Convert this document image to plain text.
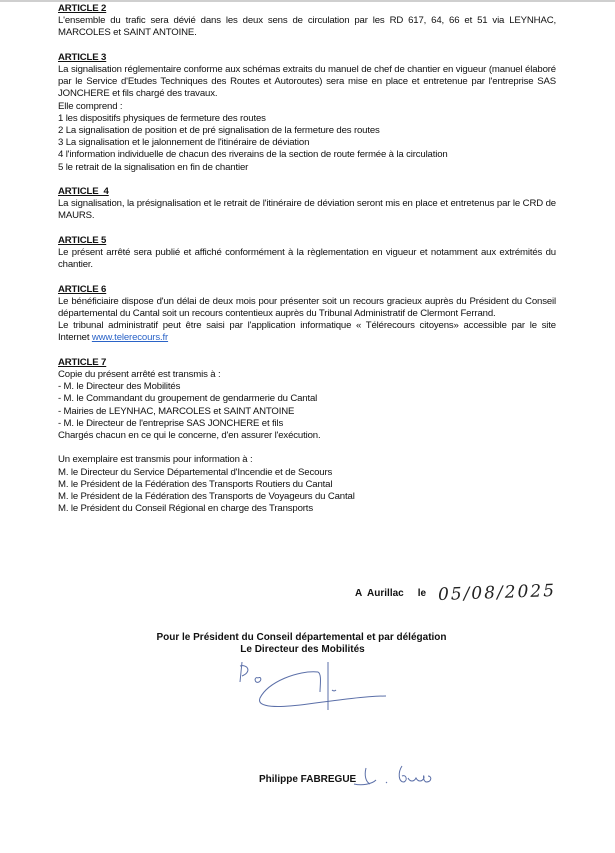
ARTICLE 2
L'ensemble du trafic sera dévié dans les deux sens de circulation par les RD 617, 64, 66 et 51 via LEYNHAC, MARCOLES et SAINT ANTOINE.
ARTICLE 3
La signalisation réglementaire conforme aux schémas extraits du manuel de chef de chantier en vigueur (manuel élaboré par le Service d'Etudes Techniques des Routes et Autoroutes) sera mise en place et entretenue par l'entreprise SAS JONCHERE et fils chargé des travaux.
Elle comprend :
1 les dispositifs physiques de fermeture des routes
2 La signalisation de position et de pré signalisation de la fermeture des routes
3 La signalisation et le jalonnement de l'itinéraire de déviation
4 l'information individuelle de chacun des riverains de la section de route fermée à la circulation
5 le retrait de la signalisation en fin de chantier
ARTICLE  4
La signalisation, la présignalisation et le retrait de l'itinéraire de déviation seront mis en place et entretenus par le CRD de MAURS.
ARTICLE 5
Le présent arrêté sera publié et affiché conformément à la règlementation en vigueur et notamment aux extrémités du chantier.
ARTICLE 6
Le bénéficiaire dispose d'un délai de deux mois pour présenter soit un recours gracieux auprès du Président du Conseil départemental du Cantal soit un recours contentieux auprès du Tribunal Administratif de Clermont Ferrand.
Le tribunal administratif peut être saisi par l'application informatique « Télérecours citoyens» accessible par le site
Internet www.telerecours.fr
ARTICLE 7
Copie du présent arrêté est transmis à :
- M. le Directeur des Mobilités
- M. le Commandant du groupement de gendarmerie du Cantal
- Mairies de LEYNHAC, MARCOLES et SAINT ANTOINE
- M. le Directeur de l'entreprise SAS JONCHERE et fils
Chargés chacun en ce qui le concerne, d'en assurer l'exécution.
Un exemplaire est transmis pour information à :
M. le Directeur du Service Départemental d'Incendie et de Secours
M. le Président de la Fédération des Transports Routiers du Cantal
M. le Président de la Fédération des Transports de Voyageurs du Cantal
M. le Président du Conseil Régional en charge des Transports
A  Aurillac le 05/08/2025
Pour le Président du Conseil départemental et par délégation
Le Directeur des Mobilités
Philippe FABREGUE
